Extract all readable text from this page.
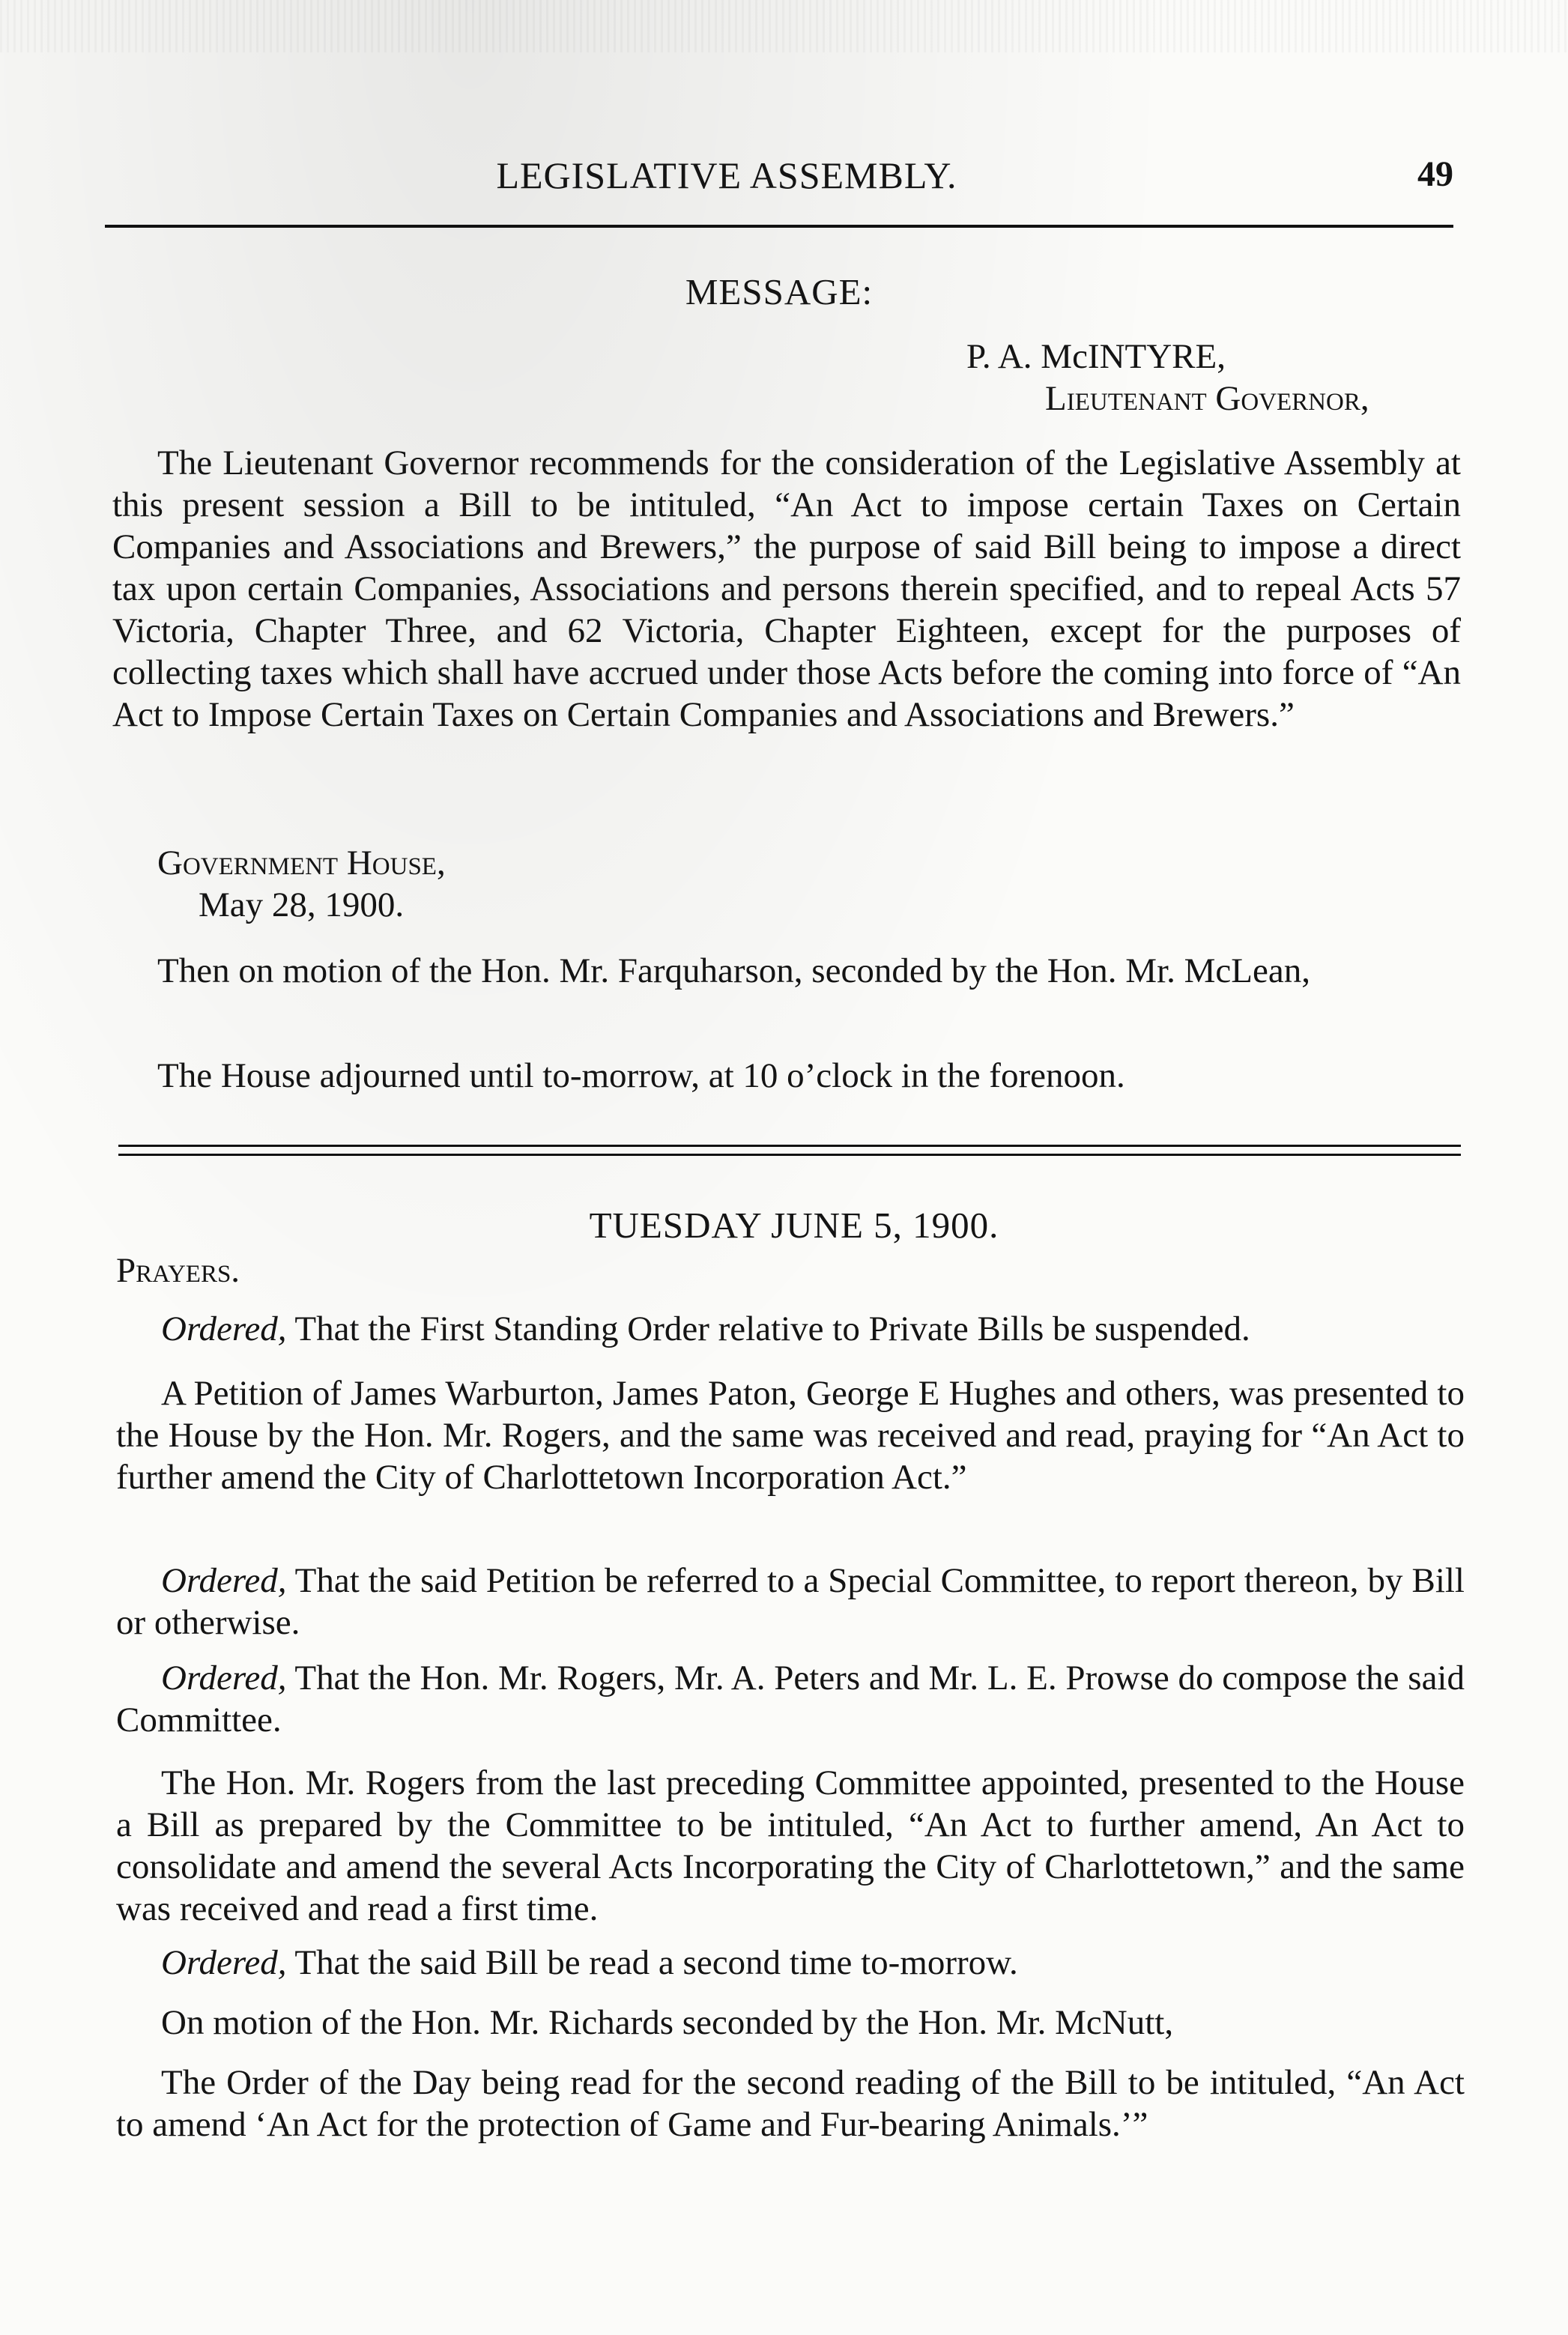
LEGISLATIVE ASSEMBLY.	49
MESSAGE:
P. A. McINTYRE,
Lieutenant Governor,

The Lieutenant Governor recommends for the consideration of the Legislative Assembly at this present session a Bill to be intituled, “An Act to impose certain Taxes on Certain Companies and Associations and Brewers,” the purpose of said Bill being to impose a direct tax upon certain Companies, Associations and persons therein specified, and to repeal Acts 57 Victoria, Chapter Three, and 62 Victoria, Chapter Eighteen, except for the purposes of collecting taxes which shall have accrued under those Acts before the coming into force of “An Act to Impose Certain Taxes on Certain Companies and Associations and Brewers.”

Government House,
May 28, 1900.

Then on motion of the Hon. Mr. Farquharson, seconded by the Hon. Mr. McLean,

The House adjourned until to-morrow, at 10 o’clock in the forenoon.

TUESDAY JUNE 5, 1900.
Prayers.

Ordered, That the First Standing Order relative to Private Bills be suspended.

A Petition of James Warburton, James Paton, George E Hughes and others, was presented to the House by the Hon. Mr. Rogers, and the same was received and read, praying for “An Act to further amend the City of Charlottetown Incorporation Act.”

Ordered, That the said Petition be referred to a Special Committee, to report thereon, by Bill or otherwise.

Ordered, That the Hon. Mr. Rogers, Mr. A. Peters and Mr. L. E. Prowse do compose the said Committee.

The Hon. Mr. Rogers from the last preceding Committee appointed, presented to the House a Bill as prepared by the Committee to be intituled, “An Act to further amend, An Act to consolidate and amend the several Acts Incorporating the City of Charlottetown,” and the same was received and read a first time.

Ordered, That the said Bill be read a second time to-morrow.

On motion of the Hon. Mr. Richards seconded by the Hon. Mr. McNutt,

The Order of the Day being read for the second reading of the Bill to be intituled, “An Act to amend ‘An Act for the protection of Game and Fur-bearing Animals.’”
